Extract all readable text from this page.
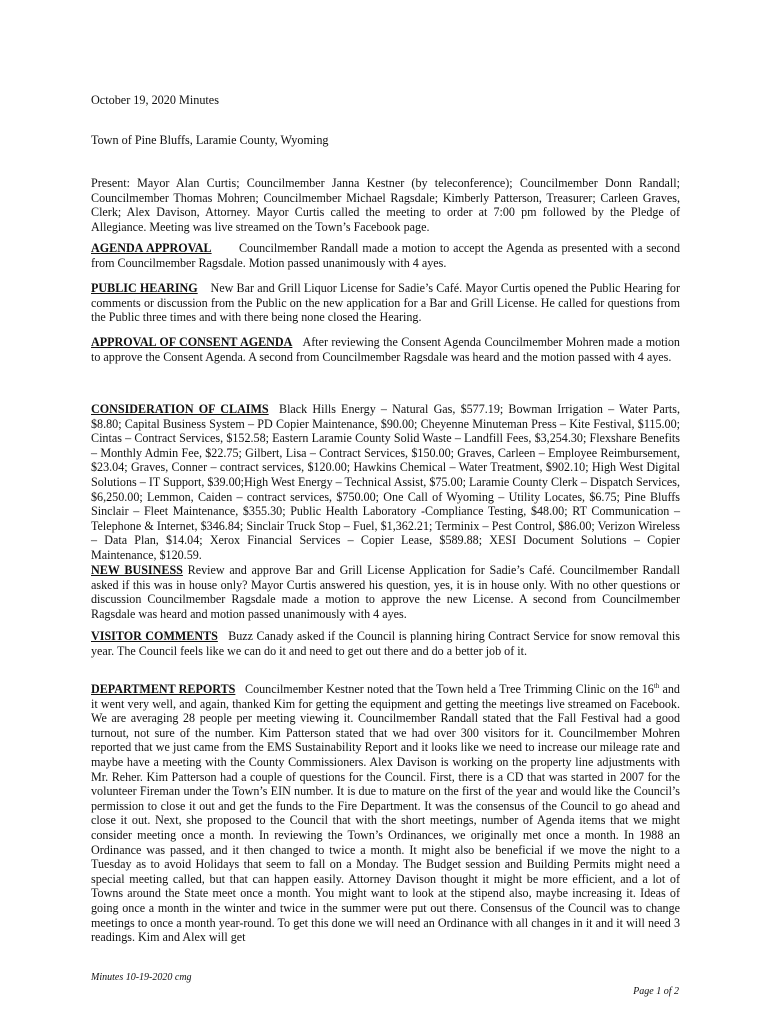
October 19, 2020 Minutes
Town of Pine Bluffs, Laramie County, Wyoming

Present: Mayor Alan Curtis; Councilmember Janna Kestner (by teleconference); Councilmember Donn Randall; Councilmember Thomas Mohren; Councilmember Michael Ragsdale; Kimberly Patterson, Treasurer; Carleen Graves, Clerk; Alex Davison, Attorney. Mayor Curtis called the meeting to order at 7:00 pm followed by the Pledge of Allegiance. Meeting was live streamed on the Town’s Facebook page.

AGENDA APPROVAL Councilmember Randall made a motion to accept the Agenda as presented with a second from Councilmember Ragsdale. Motion passed unanimously with 4 ayes.

PUBLIC HEARING New Bar and Grill Liquor License for Sadie’s Café. Mayor Curtis opened the Public Hearing for comments or discussion from the Public on the new application for a Bar and Grill License. He called for questions from the Public three times and with there being none closed the Hearing.

APPROVAL OF CONSENT AGENDA After reviewing the Consent Agenda Councilmember Mohren made a motion to approve the Consent Agenda. A second from Councilmember Ragsdale was heard and the motion passed with 4 ayes.

CONSIDERATION OF CLAIMS Black Hills Energy – Natural Gas, $577.19; Bowman Irrigation – Water Parts, $8.80; Capital Business System – PD Copier Maintenance, $90.00; Cheyenne Minuteman Press – Kite Festival, $115.00; Cintas – Contract Services, $152.58; Eastern Laramie County Solid Waste – Landfill Fees, $3,254.30; Flexshare Benefits – Monthly Admin Fee, $22.75; Gilbert, Lisa – Contract Services, $150.00; Graves, Carleen – Employee Reimbursement, $23.04; Graves, Conner – contract services, $120.00; Hawkins Chemical – Water Treatment, $902.10; High West Digital Solutions – IT Support, $39.00;High West Energy – Technical Assist, $75.00; Laramie County Clerk – Dispatch Services, $6,250.00; Lemmon, Caiden – contract services, $750.00; One Call of Wyoming – Utility Locates, $6.75; Pine Bluffs Sinclair – Fleet Maintenance, $355.30; Public Health Laboratory -Compliance Testing, $48.00; RT Communication – Telephone & Internet, $346.84; Sinclair Truck Stop – Fuel, $1,362.21; Terminix – Pest Control, $86.00; Verizon Wireless – Data Plan, $14.04; Xerox Financial Services – Copier Lease, $589.88; XESI Document Solutions – Copier Maintenance, $120.59.

NEW BUSINESS Review and approve Bar and Grill License Application for Sadie’s Café. Councilmember Randall asked if this was in house only? Mayor Curtis answered his question, yes, it is in house only. With no other questions or discussion Councilmember Ragsdale made a motion to approve the new License. A second from Councilmember Ragsdale was heard and motion passed unanimously with 4 ayes.

VISITOR COMMENTS Buzz Canady asked if the Council is planning hiring Contract Service for snow removal this year. The Council feels like we can do it and need to get out there and do a better job of it.

DEPARTMENT REPORTS Councilmember Kestner noted that the Town held a Tree Trimming Clinic on the 16th and it went very well, and again, thanked Kim for getting the equipment and getting the meetings live streamed on Facebook. We are averaging 28 people per meeting viewing it. Councilmember Randall stated that the Fall Festival had a good turnout, not sure of the number. Kim Patterson stated that we had over 300 visitors for it. Councilmember Mohren reported that we just came from the EMS Sustainability Report and it looks like we need to increase our mileage rate and maybe have a meeting with the County Commissioners. Alex Davison is working on the property line adjustments with Mr. Reher. Kim Patterson had a couple of questions for the Council. First, there is a CD that was started in 2007 for the volunteer Fireman under the Town’s EIN number. It is due to mature on the first of the year and would like the Council’s permission to close it out and get the funds to the Fire Department. It was the consensus of the Council to go ahead and close it out. Next, she proposed to the Council that with the short meetings, number of Agenda items that we might consider meeting once a month. In reviewing the Town’s Ordinances, we originally met once a month. In 1988 an Ordinance was passed, and it then changed to twice a month. It might also be beneficial if we move the night to a Tuesday as to avoid Holidays that seem to fall on a Monday. The Budget session and Building Permits might need a special meeting called, but that can happen easily. Attorney Davison thought it might be more efficient, and a lot of Towns around the State meet once a month. You might want to look at the stipend also, maybe increasing it. Ideas of going once a month in the winter and twice in the summer were put out there. Consensus of the Council was to change meetings to once a month year-round. To get this done we will need an Ordinance with all changes in it and it will need 3 readings. Kim and Alex will get

Minutes 10-19-2020 cmg
Page 1 of 2
